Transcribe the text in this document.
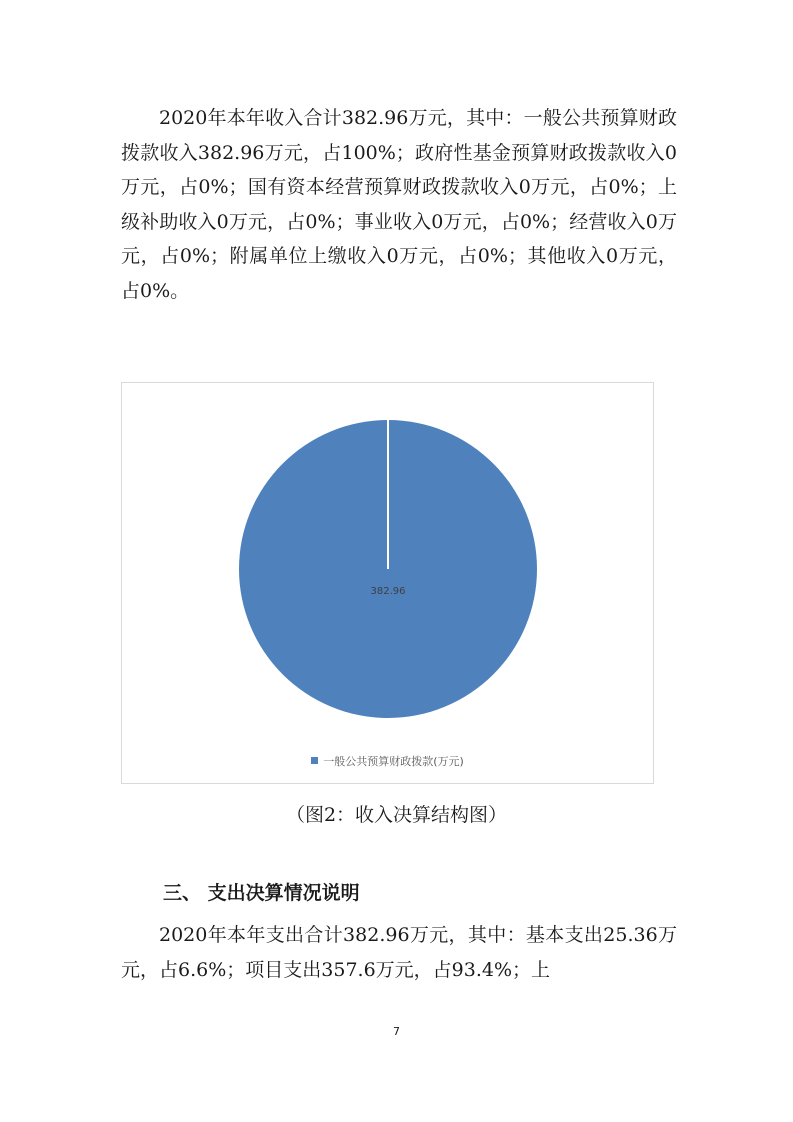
2020年本年收入合计382.96万元，其中：一般公共预算财政拨款收入382.96万元，占100%；政府性基金预算财政拨款收入0万元，占0%；国有资本经营预算财政拨款收入0万元，占0%；上级补助收入0万元，占0%；事业收入0万元，占0%；经营收入0万元，占0%；附属单位上缴收入0万元，占0%；其他收入0万元，占0%。

382.96
一般公共预算财政拨款(万元)
（图2：收入决算结构图）
三、 支出决算情况说明

2020年本年支出合计382.96万元，其中：基本支出25.36万元，占6.6%；项目支出357.6万元，占93.4%；上

7
